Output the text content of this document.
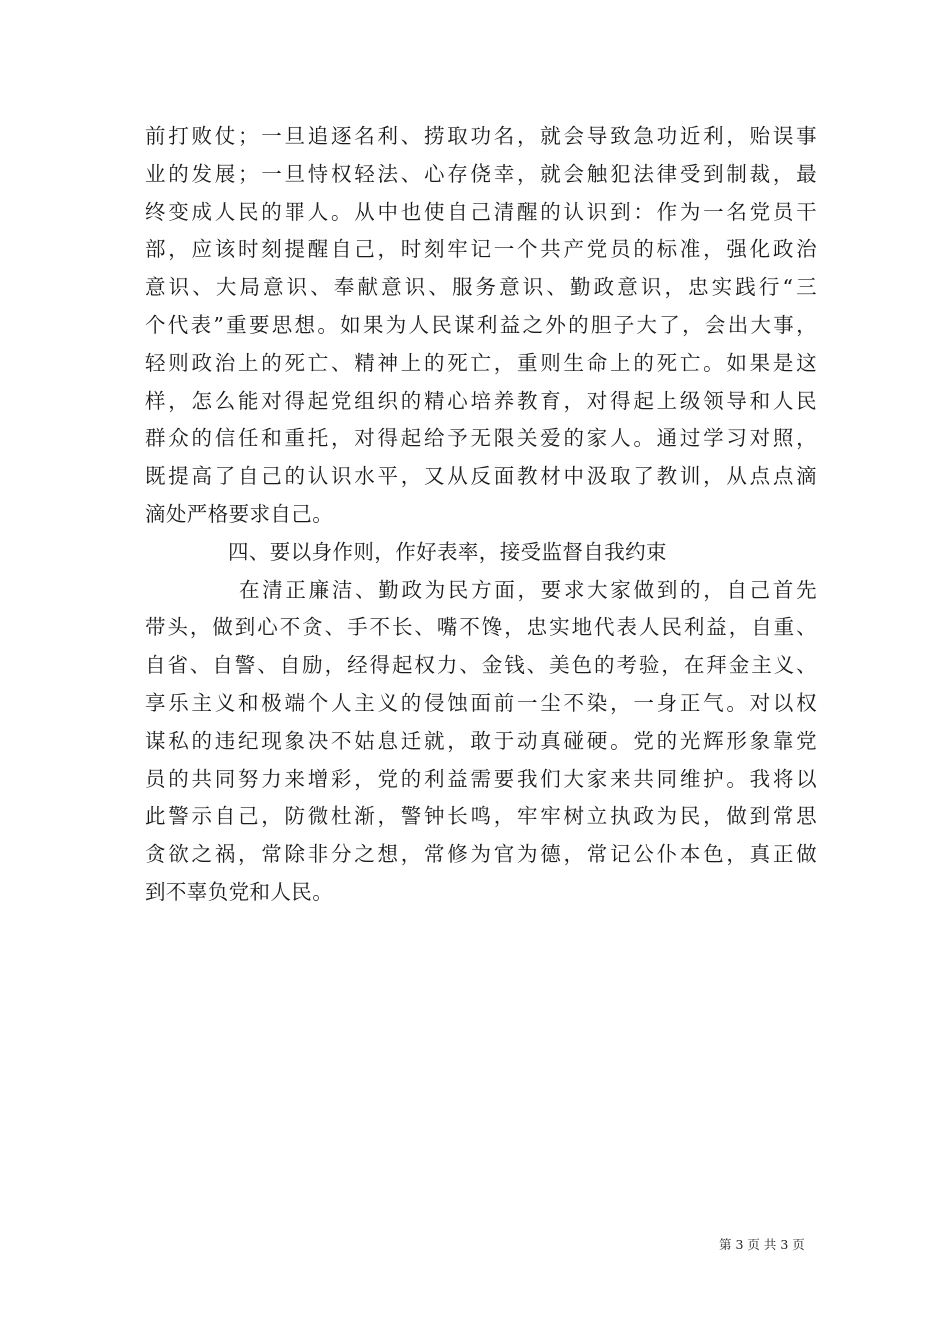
前打败仗；一旦追逐名利、捞取功名，就会导致急功近利，贻误事
业的发展；一旦恃权轻法、心存侥幸，就会触犯法律受到制裁，最
终变成人民的罪人。从中也使自己清醒的认识到：作为一名党员干
部，应该时刻提醒自己，时刻牢记一个共产党员的标准，强化政治
意识、大局意识、奉献意识、服务意识、勤政意识，忠实践行“三
个代表”重要思想。如果为人民谋利益之外的胆子大了，会出大事，
轻则政治上的死亡、精神上的死亡，重则生命上的死亡。如果是这
样，怎么能对得起党组织的精心培养教育，对得起上级领导和人民
群众的信任和重托，对得起给予无限关爱的家人。通过学习对照，
既提高了自己的认识水平，又从反面教材中汲取了教训，从点点滴
滴处严格要求自己。
四、要以身作则，作好表率，接受监督自我约束
在清正廉洁、勤政为民方面，要求大家做到的，自己首先
带头，做到心不贪、手不长、嘴不馋，忠实地代表人民利益，自重、
自省、自警、自励，经得起权力、金钱、美色的考验，在拜金主义、
享乐主义和极端个人主义的侵蚀面前一尘不染，一身正气。对以权
谋私的违纪现象决不姑息迁就，敢于动真碰硬。党的光辉形象靠党
员的共同努力来增彩，党的利益需要我们大家来共同维护。我将以
此警示自己，防微杜渐，警钟长鸣，牢牢树立执政为民，做到常思
贪欲之祸，常除非分之想，常修为官为德，常记公仆本色，真正做
到不辜负党和人民。
第 3 页 共 3 页
